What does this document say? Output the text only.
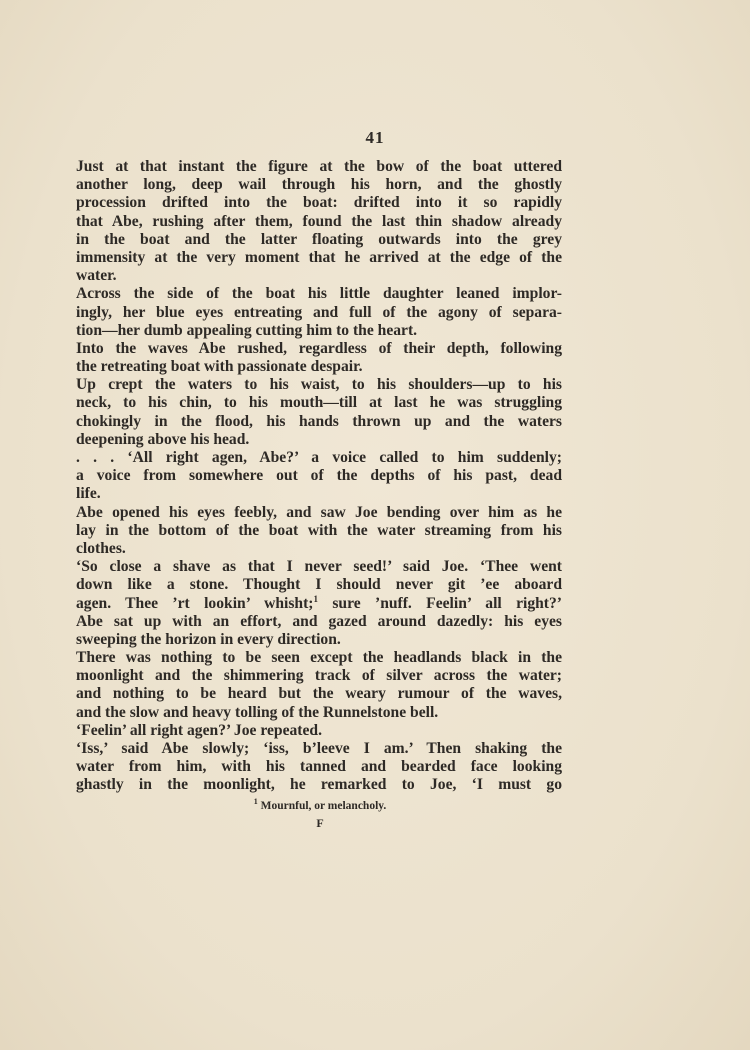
41
Just at that instant the figure at the bow of the boat uttered
another long, deep wail through his horn, and the ghostly
procession drifted into the boat: drifted into it so rapidly
that Abe, rushing after them, found the last thin shadow already
in the boat and the latter floating outwards into the grey
immensity at the very moment that he arrived at the edge of the
water.
Across the side of the boat his little daughter leaned implor-
ingly, her blue eyes entreating and full of the agony of separa-
tion—her dumb appealing cutting him to the heart.
Into the waves Abe rushed, regardless of their depth, following
the retreating boat with passionate despair.
Up crept the waters to his waist, to his shoulders—up to his
neck, to his chin, to his mouth—till at last he was struggling
chokingly in the flood, his hands thrown up and the waters
deepening above his head.
. . . ‘All right agen, Abe?’ a voice called to him suddenly;
a voice from somewhere out of the depths of his past, dead
life.
Abe opened his eyes feebly, and saw Joe bending over him as he
lay in the bottom of the boat with the water streaming from his
clothes.
‘So close a shave as that I never seed!’ said Joe. ‘Thee went
down like a stone. Thought I should never git ’ee aboard
agen. Thee ’rt lookin’ whisht;$^1$ sure ’nuff. Feelin’ all right?’
Abe sat up with an effort, and gazed around dazedly: his eyes
sweeping the horizon in every direction.
There was nothing to be seen except the headlands black in the
moonlight and the shimmering track of silver across the water;
and nothing to be heard but the weary rumour of the waves,
and the slow and heavy tolling of the Runnelstone bell.
‘Feelin’ all right agen?’ Joe repeated.
‘Iss,’ said Abe slowly; ‘iss, b’leeve I am.’ Then shaking the
water from him, with his tanned and bearded face looking
ghastly in the moonlight, he remarked to Joe, ‘I must go
$^1$ Mournful, or melancholy.
F
